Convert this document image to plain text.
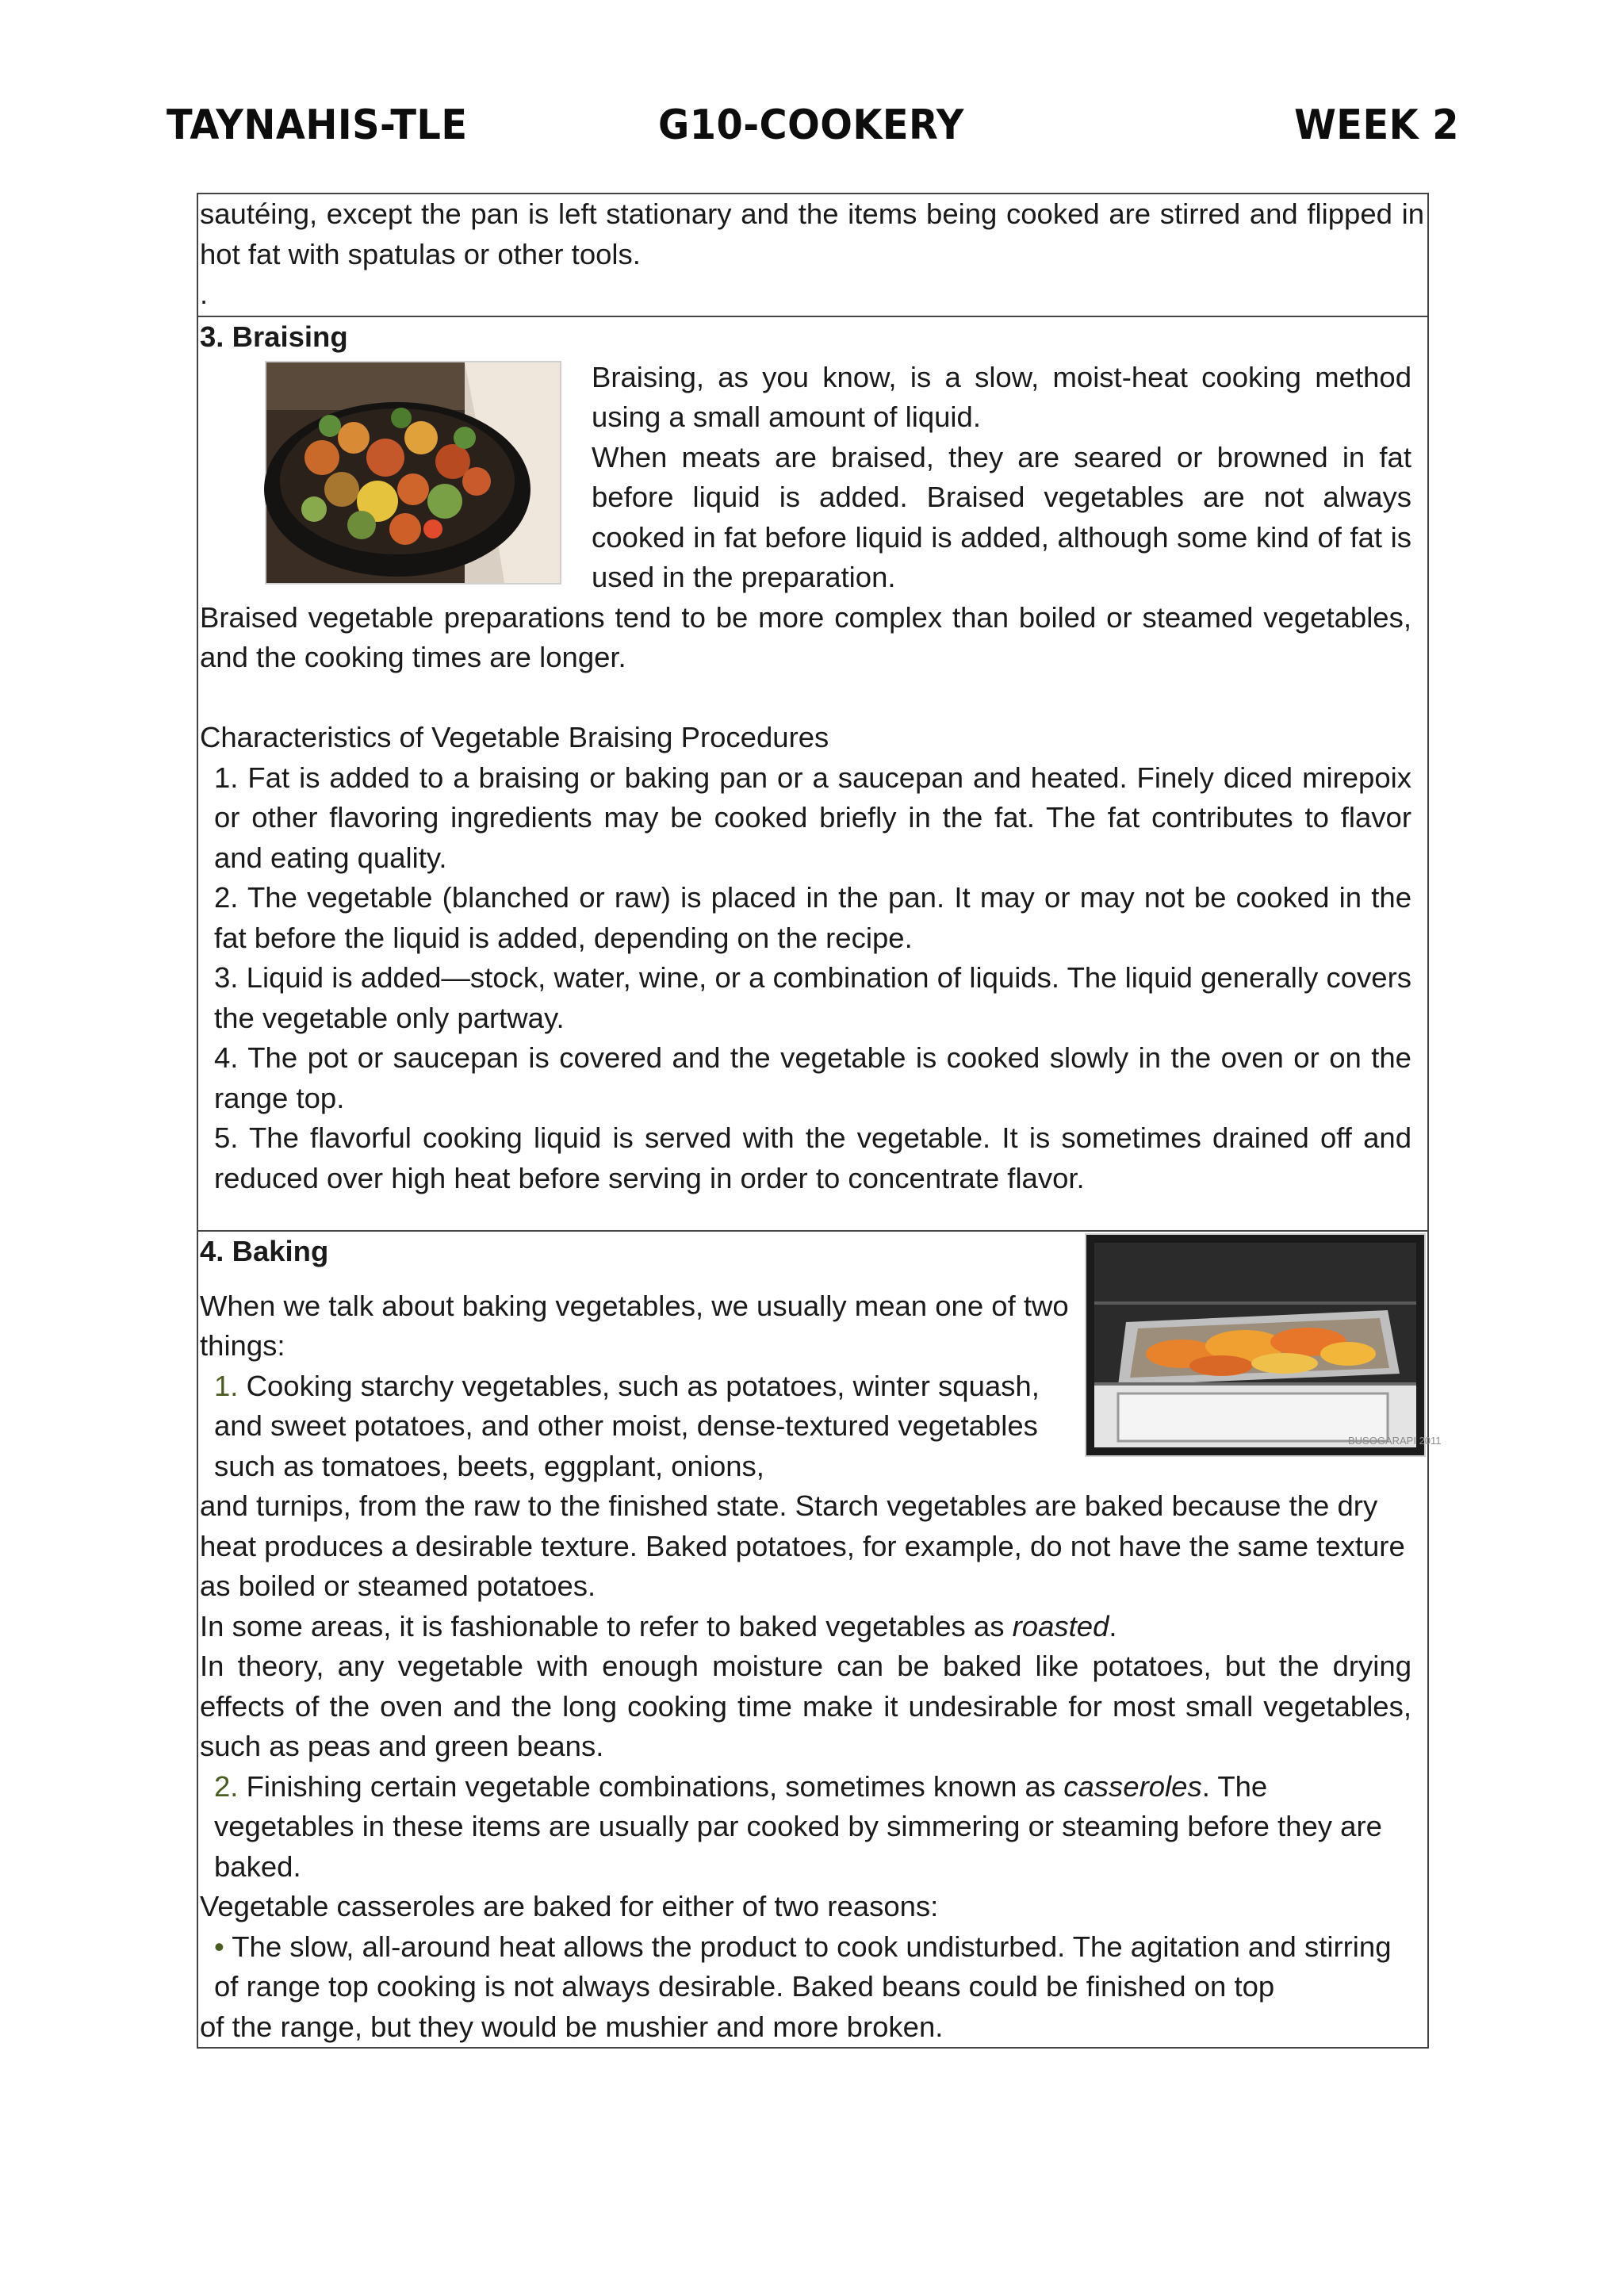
TAYNAHIS-TLE	G10-COOKERY	WEEK 2

sautéing, except the pan is left stationary and the items being cooked are stirred and flipped in hot fat with spatulas or other tools.

.

3. Braising

Braising, as you know, is a slow, moist-heat cooking method using a small amount of liquid.

When meats are braised, they are seared or browned in fat before liquid is added. Braised vegetables are not always cooked in fat before liquid is added, although some kind of fat is used in the preparation.

Braised vegetable preparations tend to be more complex than boiled or steamed vegetables, and the cooking times are longer.

Characteristics of Vegetable Braising Procedures

1. Fat is added to a braising or baking pan or a saucepan and heated. Finely diced mirepoix or other flavoring ingredients may be cooked briefly in the fat. The fat contributes to flavor and eating quality.

2. The vegetable (blanched or raw) is placed in the pan. It may or may not be cooked in the fat before the liquid is added, depending on the recipe.

3. Liquid is added—stock, water, wine, or a combination of liquids. The liquid generally covers the vegetable only partway.

4. The pot or saucepan is covered and the vegetable is cooked slowly in the oven or on the range top.

5. The flavorful cooking liquid is served with the vegetable. It is sometimes drained off and reduced over high heat before serving in order to concentrate flavor.

BUSOGARAPI 2011

4. Baking

When we talk about baking vegetables, we usually mean one of two things:

1. Cooking starchy vegetables, such as potatoes, winter squash, and sweet potatoes, and other moist, dense-textured vegetables such as tomatoes, beets, eggplant, onions,

and turnips, from the raw to the finished state. Starch vegetables are baked because the dry heat produces a desirable texture. Baked potatoes, for example, do not have the same texture as boiled or steamed potatoes.

In some areas, it is fashionable to refer to baked vegetables as roasted.

In theory, any vegetable with enough moisture can be baked like potatoes, but the drying effects of the oven and the long cooking time make it undesirable for most small vegetables, such as peas and green beans.

2. Finishing certain vegetable combinations, sometimes known as casseroles. The vegetables in these items are usually par cooked by simmering or steaming before they are baked.

Vegetable casseroles are baked for either of two reasons:

• The slow, all-around heat allows the product to cook undisturbed. The agitation and stirring of range top cooking is not always desirable. Baked beans could be finished on top

of the range, but they would be mushier and more broken.
